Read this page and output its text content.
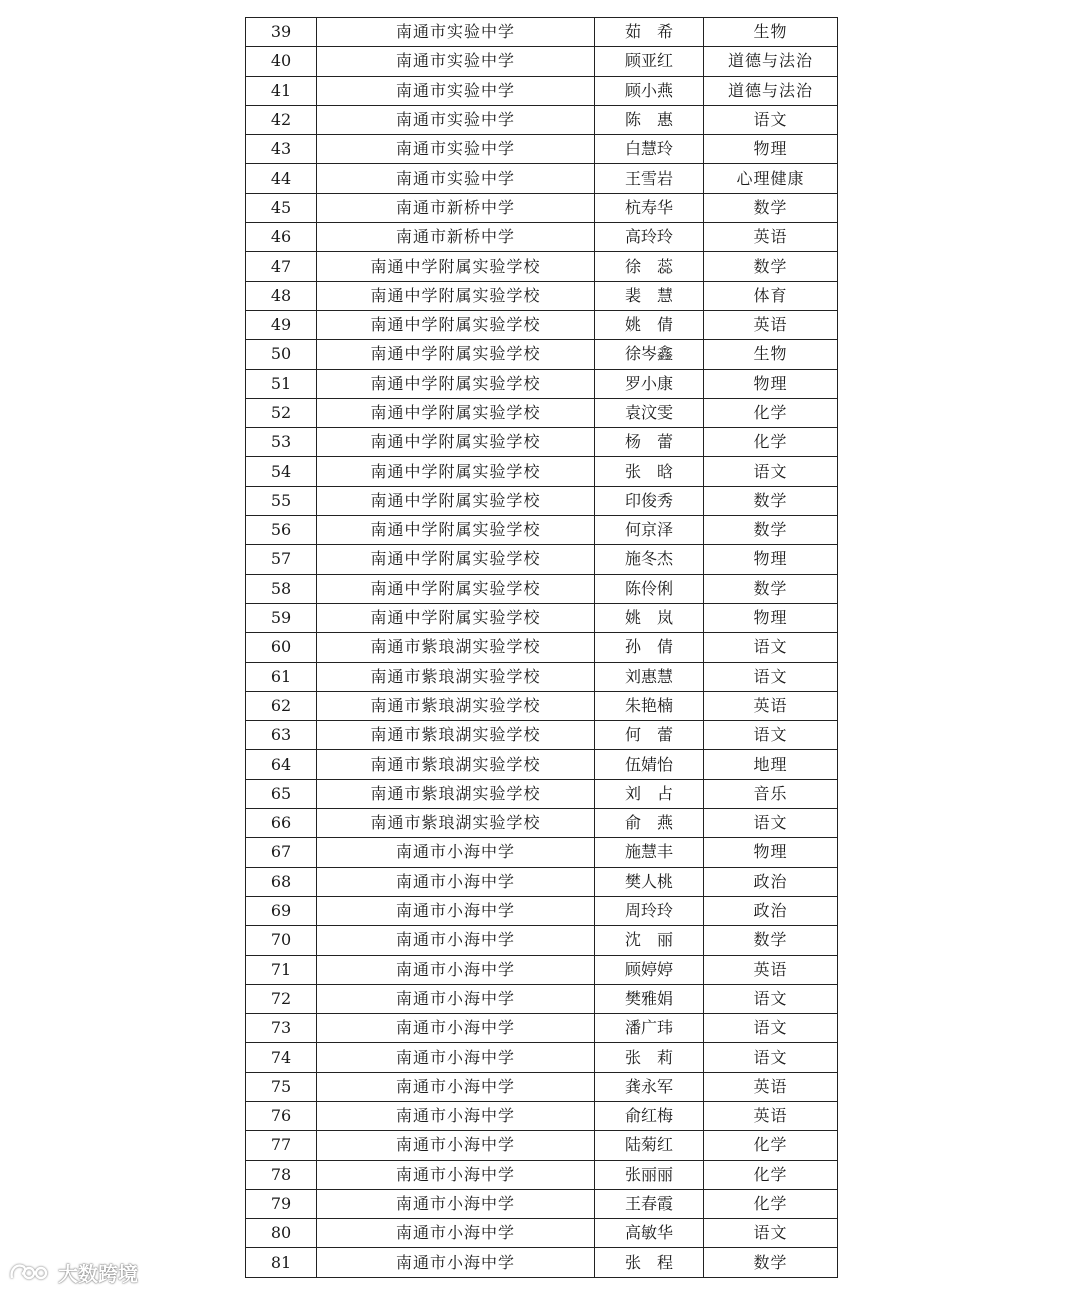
39	南通市实验中学	茹　希	生物
40	南通市实验中学	顾亚红	道德与法治
41	南通市实验中学	顾小燕	道德与法治
42	南通市实验中学	陈　惠	语文
43	南通市实验中学	白慧玲	物理
44	南通市实验中学	王雪岩	心理健康
45	南通市新桥中学	杭寿华	数学
46	南通市新桥中学	高玲玲	英语
47	南通中学附属实验学校	徐　蕊	数学
48	南通中学附属实验学校	裴　慧	体育
49	南通中学附属实验学校	姚　倩	英语
50	南通中学附属实验学校	徐岑鑫	生物
51	南通中学附属实验学校	罗小康	物理
52	南通中学附属实验学校	袁汶雯	化学
53	南通中学附属实验学校	杨　蕾	化学
54	南通中学附属实验学校	张　晗	语文
55	南通中学附属实验学校	印俊秀	数学
56	南通中学附属实验学校	何京泽	数学
57	南通中学附属实验学校	施冬杰	物理
58	南通中学附属实验学校	陈伶俐	数学
59	南通中学附属实验学校	姚　岚	物理
60	南通市紫琅湖实验学校	孙　倩	语文
61	南通市紫琅湖实验学校	刘惠慧	语文
62	南通市紫琅湖实验学校	朱艳楠	英语
63	南通市紫琅湖实验学校	何　蕾	语文
64	南通市紫琅湖实验学校	伍婧怡	地理
65	南通市紫琅湖实验学校	刘　占	音乐
66	南通市紫琅湖实验学校	俞　燕	语文
67	南通市小海中学	施慧丰	物理
68	南通市小海中学	樊人桃	政治
69	南通市小海中学	周玲玲	政治
70	南通市小海中学	沈　丽	数学
71	南通市小海中学	顾婷婷	英语
72	南通市小海中学	樊雅娟	语文
73	南通市小海中学	潘广玮	语文
74	南通市小海中学	张　莉	语文
75	南通市小海中学	龚永军	英语
76	南通市小海中学	俞红梅	英语
77	南通市小海中学	陆菊红	化学
78	南通市小海中学	张丽丽	化学
79	南通市小海中学	王春霞	化学
80	南通市小海中学	高敏华	语文
81	南通市小海中学	张　程	数学
大数跨境
